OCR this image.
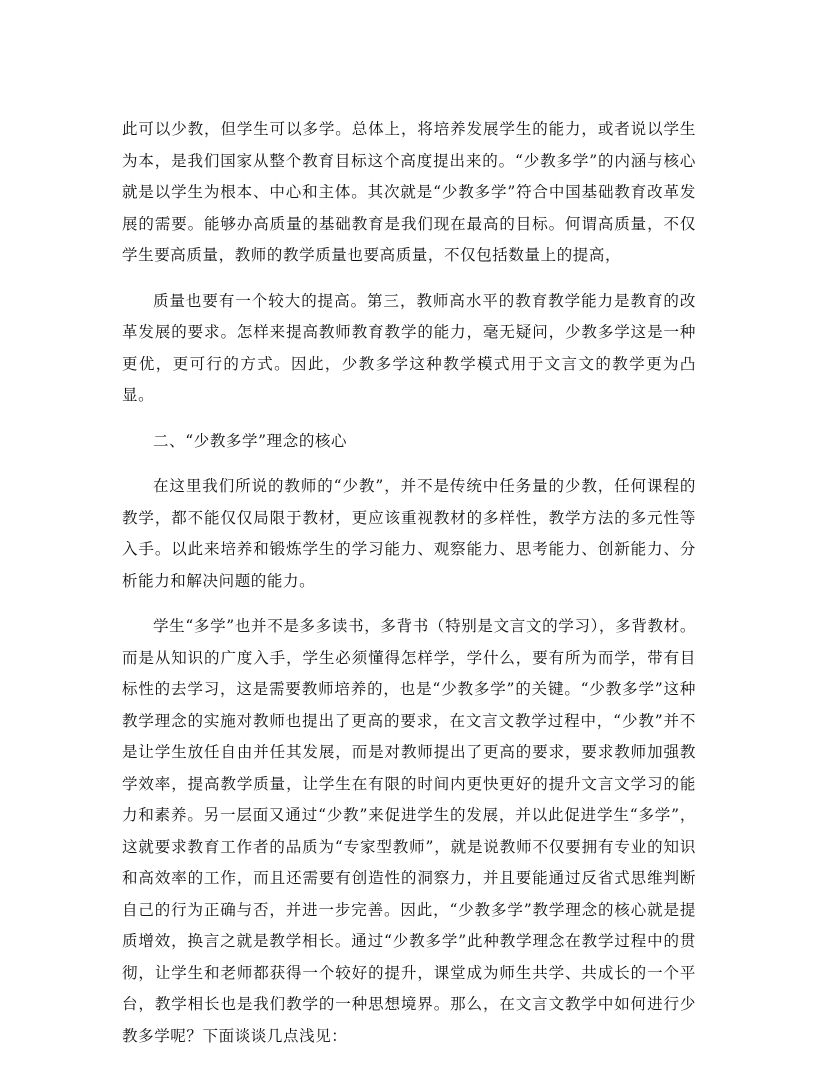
此可以少教，但学生可以多学。总体上，将培养发展学生的能力，或者说以学生为本，是我们国家从整个教育目标这个高度提出来的。“少教多学”的内涵与核心就是以学生为根本、中心和主体。其次就是“少教多学”符合中国基础教育改革发展的需要。能够办高质量的基础教育是我们现在最高的目标。何谓高质量，不仅学生要高质量，教师的教学质量也要高质量，不仅包括数量上的提高，

质量也要有一个较大的提高。第三，教师高水平的教育教学能力是教育的改革发展的要求。怎样来提高教师教育教学的能力，毫无疑问，少教多学这是一种更优，更可行的方式。因此，少教多学这种教学模式用于文言文的教学更为凸显。

二、“少教多学”理念的核心

在这里我们所说的教师的“少教”，并不是传统中任务量的少教，任何课程的教学，都不能仅仅局限于教材，更应该重视教材的多样性，教学方法的多元性等入手。以此来培养和锻炼学生的学习能力、观察能力、思考能力、创新能力、分析能力和解决问题的能力。

学生“多学”也并不是多多读书，多背书（特别是文言文的学习），多背教材。而是从知识的广度入手，学生必须懂得怎样学，学什么，要有所为而学，带有目标性的去学习，这是需要教师培养的，也是“少教多学”的关键。“少教多学”这种教学理念的实施对教师也提出了更高的要求，在文言文教学过程中，“少教”并不是让学生放任自由并任其发展，而是对教师提出了更高的要求，要求教师加强教学效率，提高教学质量，让学生在有限的时间内更快更好的提升文言文学习的能力和素养。另一层面又通过“少教”来促进学生的发展，并以此促进学生“多学”，这就要求教育工作者的品质为“专家型教师”，就是说教师不仅要拥有专业的知识和高效率的工作，而且还需要有创造性的洞察力，并且要能通过反省式思维判断自己的行为正确与否，并进一步完善。因此，“少教多学”教学理念的核心就是提质增效，换言之就是教学相长。通过“少教多学”此种教学理念在教学过程中的贯彻，让学生和老师都获得一个较好的提升，课堂成为师生共学、共成长的一个平台，教学相长也是我们教学的一种思想境界。那么，在文言文教学中如何进行少教多学呢？下面谈谈几点浅见：
